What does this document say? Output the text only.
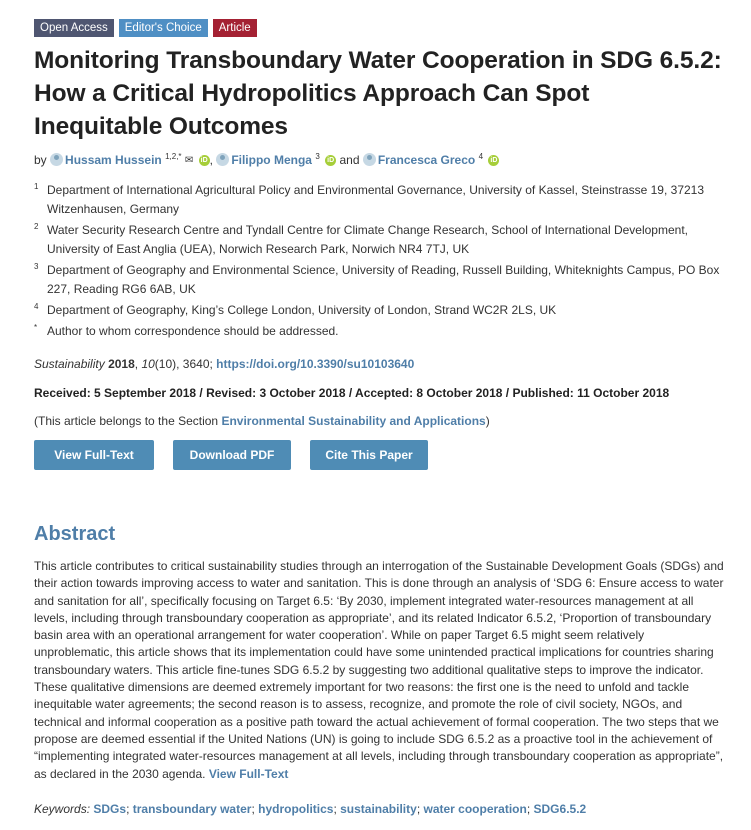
Open Access	Editor's Choice	Article
Monitoring Transboundary Water Cooperation in SDG 6.5.2: How a Critical Hydropolitics Approach Can Spot Inequitable Outcomes
by Hussam Hussein $^{1,2,*}$ ✉ iD , Filippo Menga $^3$ iD and Francesca Greco $^4$ iD
1 Department of International Agricultural Policy and Environmental Governance, University of Kassel, Steinstrasse 19, 37213 Witzenhausen, Germany
2 Water Security Research Centre and Tyndall Centre for Climate Change Research, School of International Development, University of East Anglia (UEA), Norwich Research Park, Norwich NR4 7TJ, UK
3 Department of Geography and Environmental Science, University of Reading, Russell Building, Whiteknights Campus, PO Box 227, Reading RG6 6AB, UK
4 Department of Geography, King’s College London, University of London, Strand WC2R 2LS, UK
* Author to whom correspondence should be addressed.
Sustainability 2018, 10(10), 3640; https://doi.org/10.3390/su10103640
Received: 5 September 2018 / Revised: 3 October 2018 / Accepted: 8 October 2018 / Published: 11 October 2018
(This article belongs to the Section Environmental Sustainability and Applications)
View Full-Text	Download PDF	Cite This Paper
Abstract
This article contributes to critical sustainability studies through an interrogation of the Sustainable Development Goals (SDGs) and their action towards improving access to water and sanitation. This is done through an analysis of ‘SDG 6: Ensure access to water and sanitation for all’, specifically focusing on Target 6.5: ‘By 2030, implement integrated water-resources management at all levels, including through transboundary cooperation as appropriate’, and its related Indicator 6.5.2, ‘Proportion of transboundary basin area with an operational arrangement for water cooperation’. While on paper Target 6.5 might seem relatively unproblematic, this article shows that its implementation could have some unintended practical implications for countries sharing transboundary waters. This article fine-tunes SDG 6.5.2 by suggesting two additional qualitative steps to improve the indicator. These qualitative dimensions are deemed extremely important for two reasons: the first one is the need to unfold and tackle inequitable water agreements; the second reason is to assess, recognize, and promote the role of civil society, NGOs, and technical and informal cooperation as a positive path toward the actual achievement of formal cooperation. The two steps that we propose are deemed essential if the United Nations (UN) is going to include SDG 6.5.2 as a proactive tool in the achievement of “implementing integrated water-resources management at all levels, including through transboundary cooperation as appropriate”, as declared in the 2030 agenda. View Full-Text
Keywords: SDGs; transboundary water; hydropolitics; sustainability; water cooperation; SDG6.5.2
